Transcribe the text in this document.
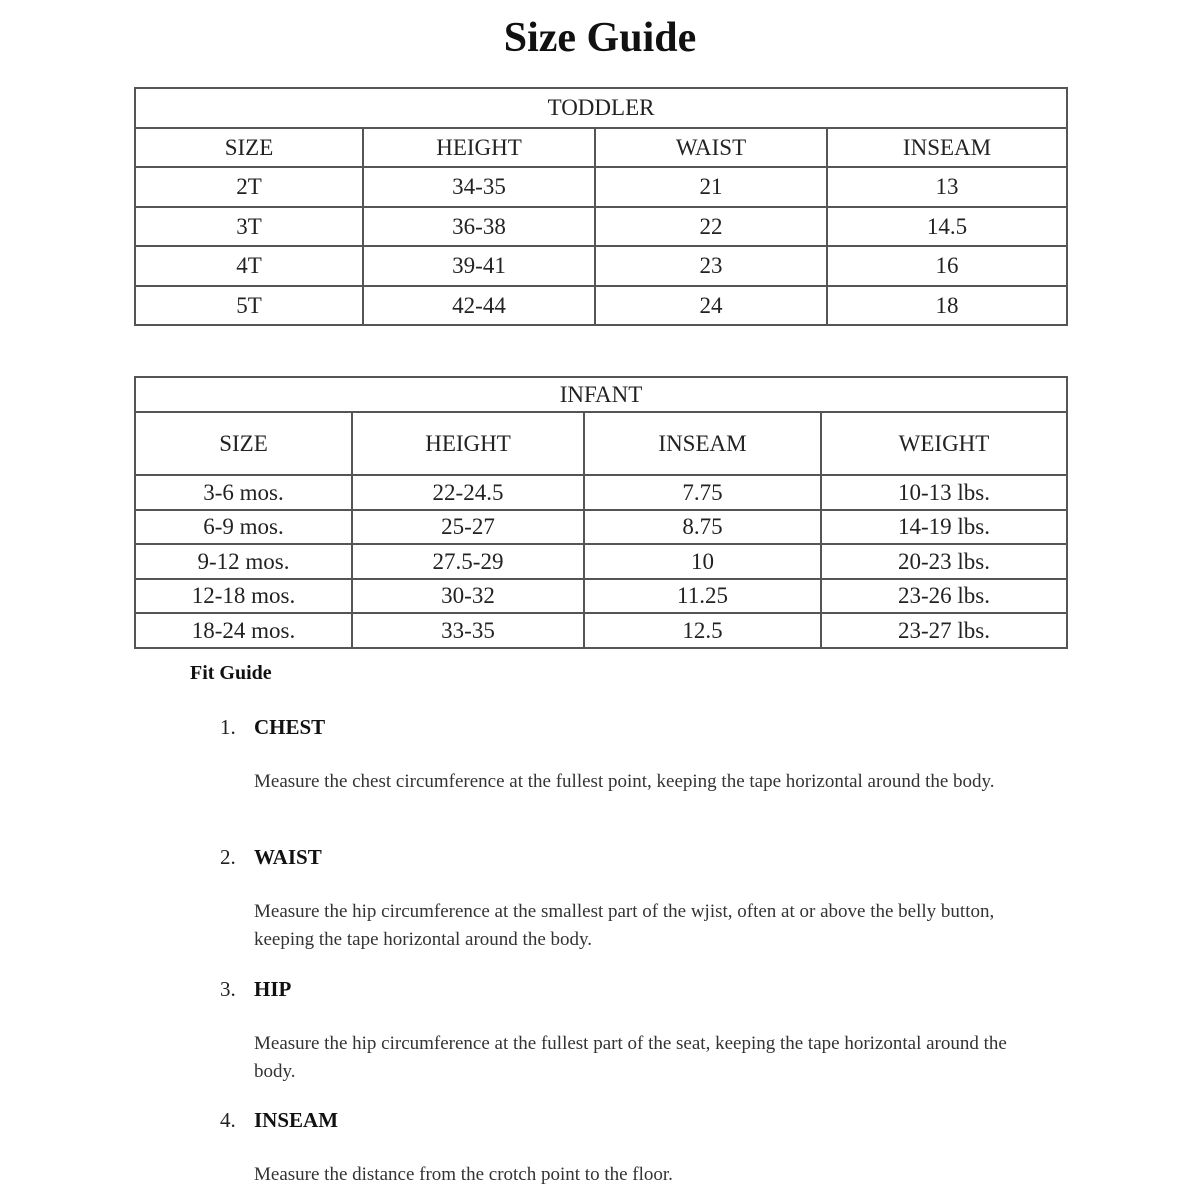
Size Guide
TODDLER			
SIZE	HEIGHT	WAIST	INSEAM
2T	34-35	21	13
3T	36-38	22	14.5
4T	39-41	23	16
5T	42-44	24	18
INFANT			
SIZE	HEIGHT	INSEAM	WEIGHT
3-6 mos.	22-24.5	7.75	10-13 lbs.
6-9 mos.	25-27	8.75	14-19 lbs.
9-12 mos.	27.5-29	10	20-23 lbs.
12-18 mos.	30-32	11.25	23-26 lbs.
18-24 mos.	33-35	12.5	23-27 lbs.
Fit Guide
1. CHEST
Measure the chest circumference at the fullest point, keeping the tape horizontal around the body.
2. WAIST
Measure the hip circumference at the smallest part of the wjist, often at or above the belly button, keeping the tape horizontal around the body.
3. HIP
Measure the hip circumference at the fullest part of the seat, keeping the tape horizontal around the body.
4. INSEAM
Measure the distance from the crotch point to the floor.
